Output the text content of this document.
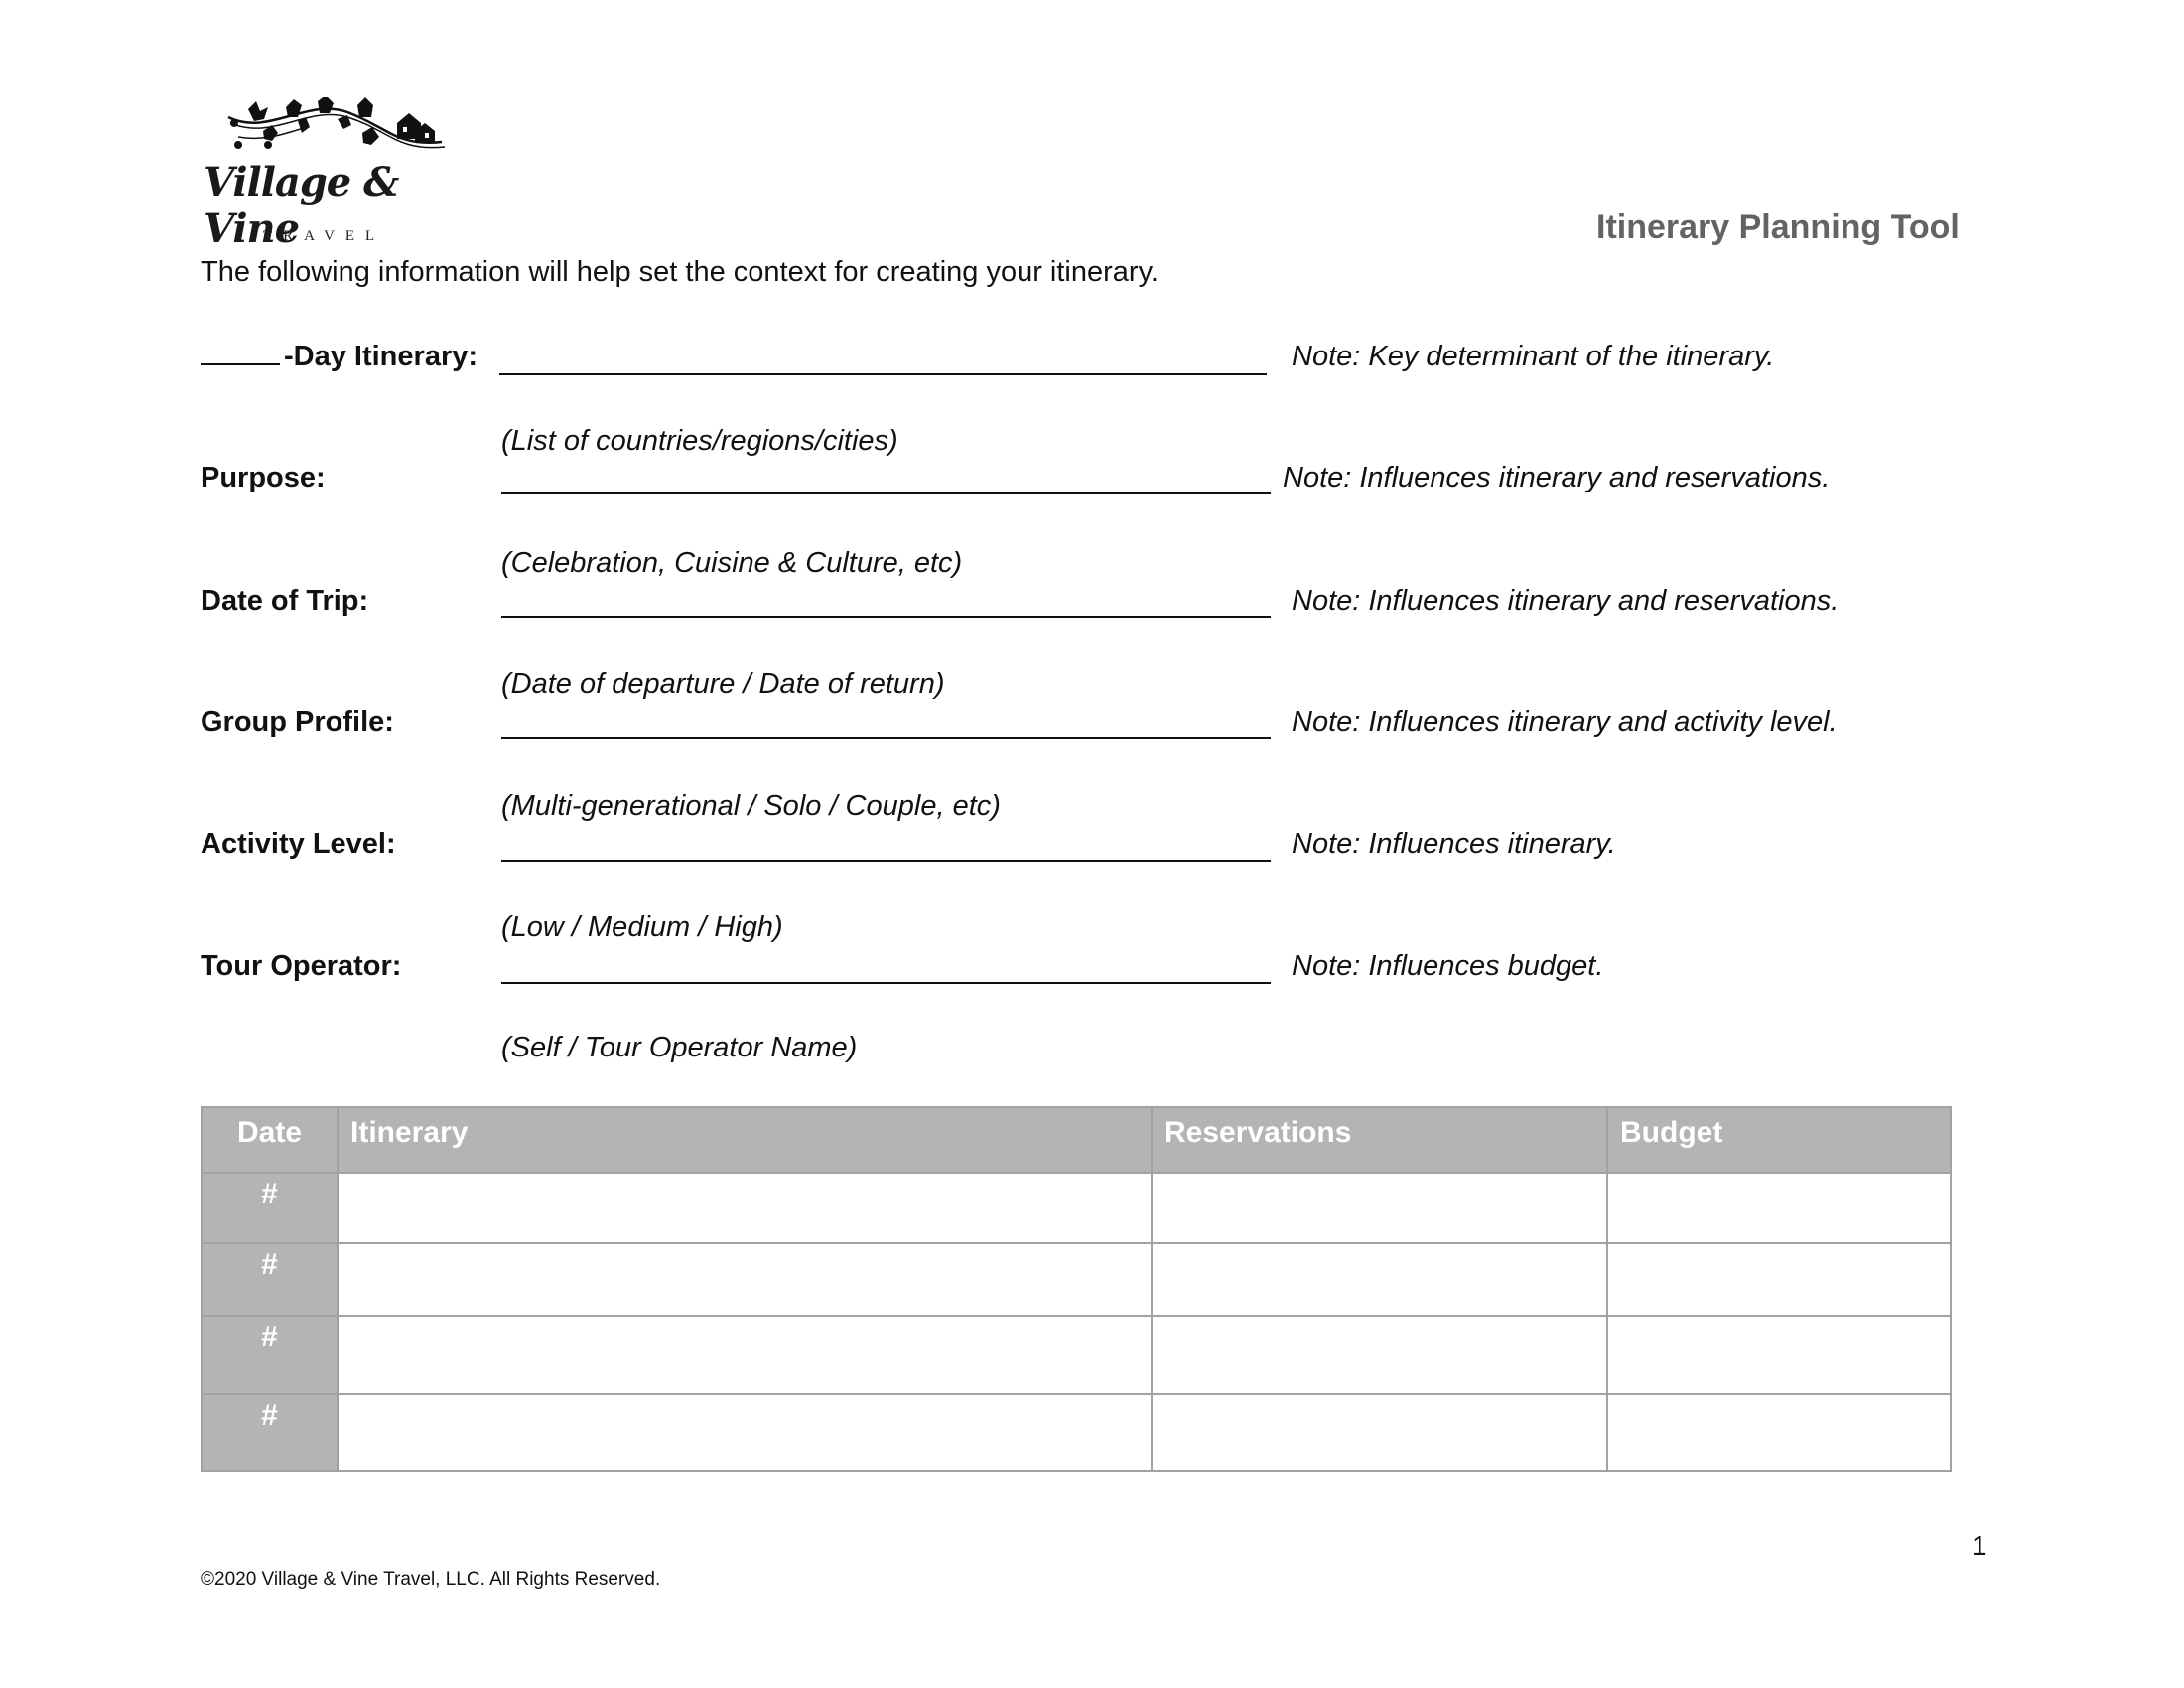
Village & Vine
TRAVEL	Itinerary Planning Tool
The following information will help set the context for creating your itinerary.
-Day Itinerary:	Note: Key determinant of the itinerary.
(List of countries/regions/cities)
Purpose:	Note: Influences itinerary and reservations.
(Celebration, Cuisine & Culture, etc)
Date of Trip:	Note: Influences itinerary and reservations.
(Date of departure / Date of return)
Group Profile:	Note: Influences itinerary and activity level.
(Multi-generational / Solo / Couple, etc)
Activity Level:	Note: Influences itinerary.
(Low / Medium / High)
Tour Operator:	Note: Influences budget.
(Self / Tour Operator Name)
Date	Itinerary	Reservations	Budget
#			
#			
#			
#			
1
©2020 Village & Vine Travel, LLC. All Rights Reserved.
